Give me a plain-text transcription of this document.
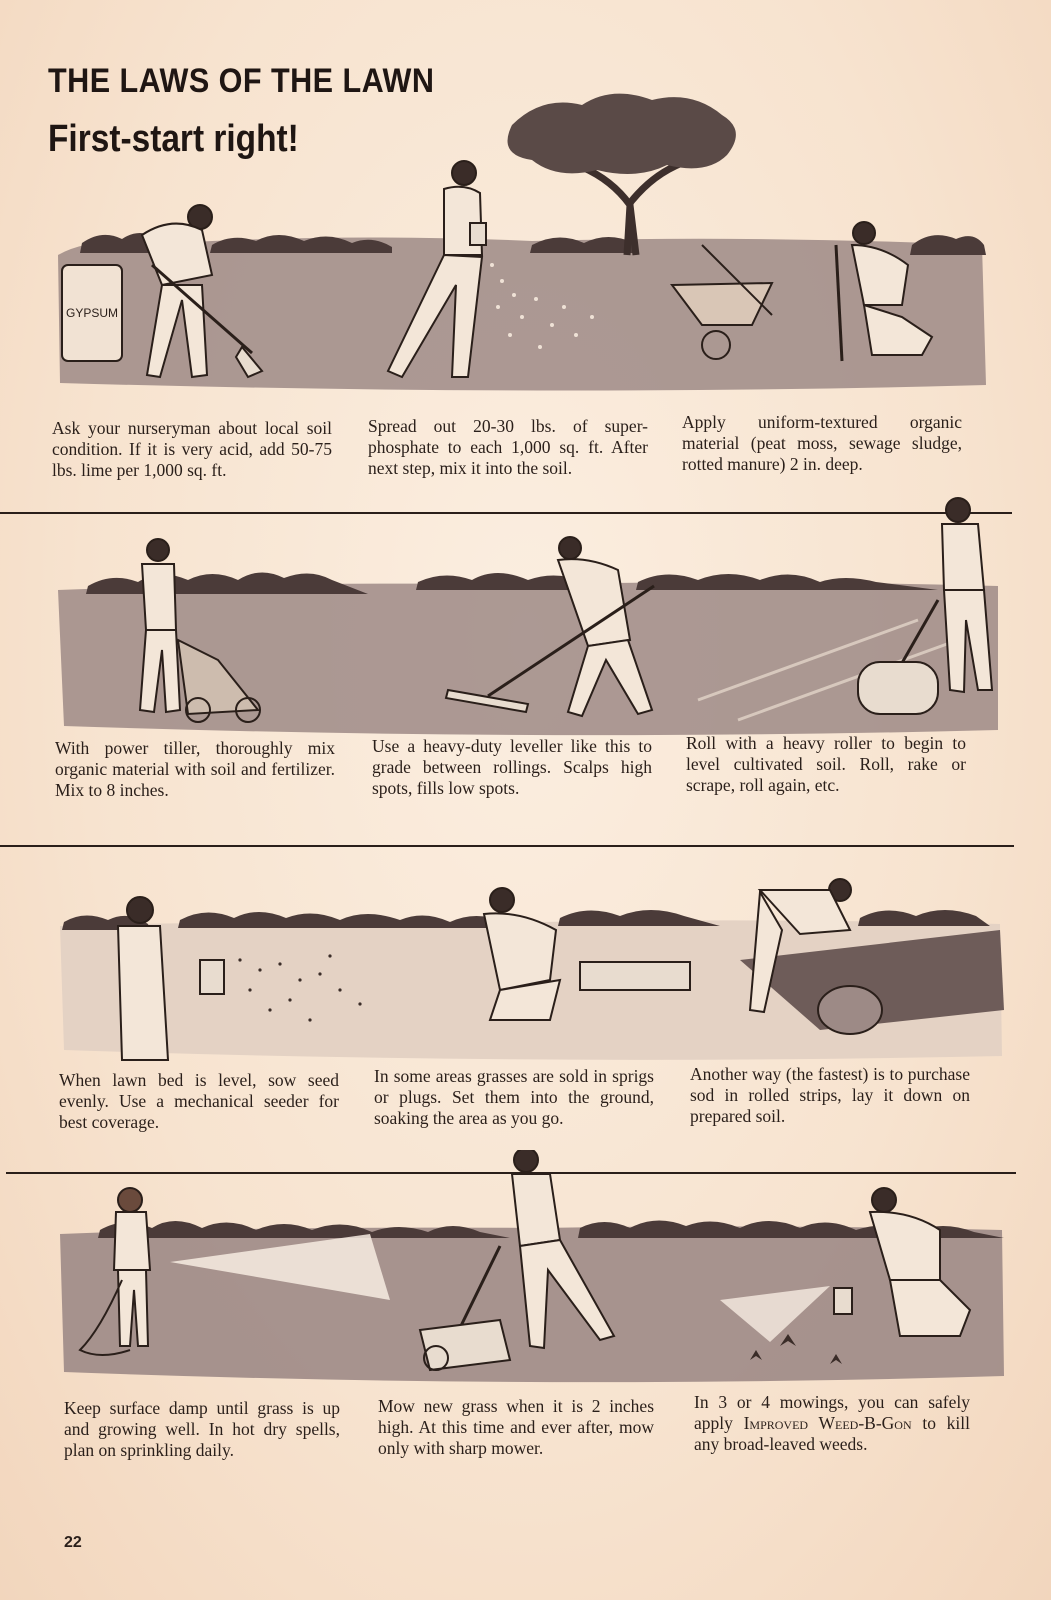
THE LAWS OF THE LAWN
First-start right!
GYPSUM
Ask your nurseryman about local soil condition. If it is very acid, add 50-75 lbs. lime per 1,000 sq. ft.
Spread out 20-30 lbs. of super-phosphate to each 1,000 sq. ft. After next step, mix it into the soil.
Apply uniform-textured organic material (peat moss, sewage sludge, rotted manure) 2 in. deep.
With power tiller, thoroughly mix organic material with soil and fertilizer. Mix to 8 inches.
Use a heavy-duty leveller like this to grade between rollings. Scalps high spots, fills low spots.
Roll with a heavy roller to begin to level cultivated soil. Roll, rake or scrape, roll again, etc.
When lawn bed is level, sow seed evenly. Use a mechanical seeder for best coverage.
In some areas grasses are sold in sprigs or plugs. Set them into the ground, soaking the area as you go.
Another way (the fastest) is to purchase sod in rolled strips, lay it down on prepared soil.
Keep surface damp until grass is up and growing well. In hot dry spells, plan on sprinkling daily.
Mow new grass when it is 2 inches high. At this time and ever after, mow only with sharp mower.
In 3 or 4 mowings, you can safely apply Improved Weed-B-Gon to kill any broad-leaved weeds.
22
